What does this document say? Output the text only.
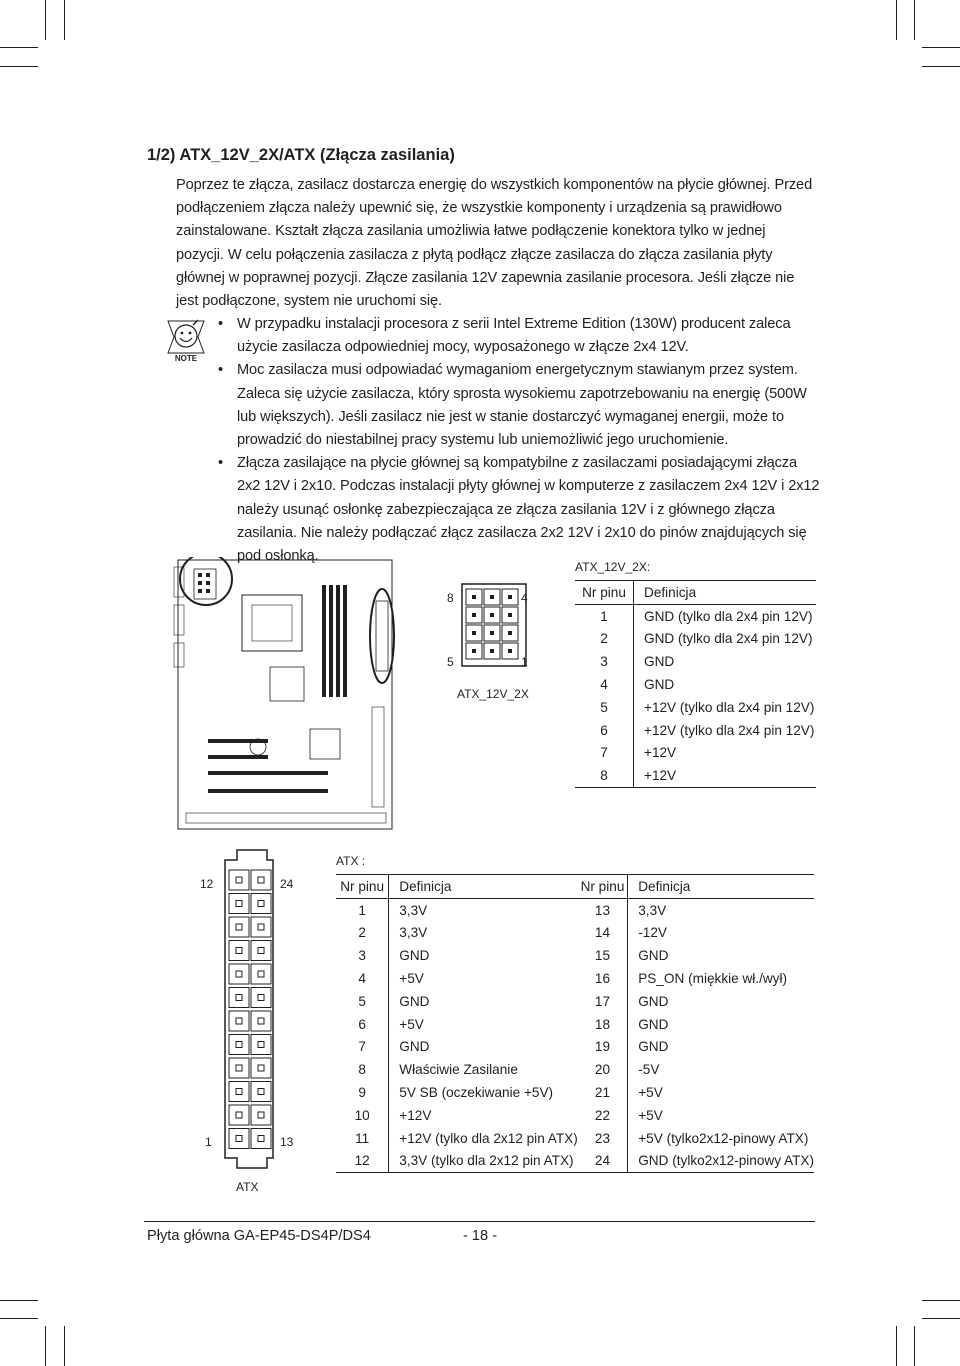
1/2) ATX_12V_2X/ATX (Złącza zasilania)

Poprzez te złącza, zasilacz dostarcza energię do wszystkich komponentów na płycie głównej. Przed podłączeniem złącza należy upewnić się, że wszystkie komponenty i urządzenia są prawidłowo zainstalowane. Kształt złącza zasilania umożliwia łatwe podłączenie konektora tylko w jednej pozycji. W celu połączenia zasilacza z płytą podłącz złącze zasilacza do złącza zasilania płyty głównej w poprawnej pozycji. Złącze zasilania 12V zapewnia zasilanie procesora. Jeśli złącze nie jest podłączone, system nie uruchomi się.

NOTE
• W przypadku instalacji procesora z serii Intel Extreme Edition (130W) producent zaleca użycie zasilacza odpowiedniej mocy, wyposażonego w złącze 2x4 12V.
• Moc zasilacza musi odpowiadać wymaganiom energetycznym stawianym przez system. Zaleca się użycie zasilacza, który sprosta wysokiemu zapotrzebowaniu na energię (500W lub większych). Jeśli zasilacz nie jest w stanie dostarczyć wymaganej energii, może to prowadzić do niestabilnej pracy systemu lub uniemożliwić jego uruchomienie.
• Złącza zasilające na płycie głównej są kompatybilne z zasilaczami posiadającymi złącza 2x2 12V i 2x10. Podczas instalacji płyty głównej w komputerze z zasilaczem 2x4 12V i 2x12 należy usunąć osłonkę zabezpieczająca ze złącza zasilania 12V i z głównego złącza zasilania. Nie należy podłączać złącz zasilacza 2x2 12V i 2x10 do pinów znajdujących się pod osłonką.
8	4
5	1
ATX_12V_2X
ATX_12V_2X:
Nr pinu	Definicja
1	GND (tylko dla 2x4 pin 12V)
2	GND (tylko dla 2x4 pin 12V)
3	GND
4	GND
5	+12V (tylko dla 2x4 pin 12V)
6	+12V (tylko dla 2x4 pin 12V)
7	+12V
8	+12V
12	24
1	13
ATX
ATX :
Nr pinu	Definicja	Nr pinu	Definicja
1	3,3V	13	3,3V
2	3,3V	14	-12V
3	GND	15	GND
4	+5V	16	PS_ON (miękkie wł./wył)
5	GND	17	GND
6	+5V	18	GND
7	GND	19	GND
8	Właściwie Zasilanie	20	-5V
9	5V SB (oczekiwanie +5V)	21	+5V
10	+12V	22	+5V
11	+12V (tylko dla 2x12 pin ATX)	23	+5V (tylko2x12-pinowy ATX)
12	3,3V (tylko dla 2x12 pin ATX)	24	GND (tylko2x12-pinowy ATX)
Płyta główna GA-EP45-DS4P/DS4	- 18 -
